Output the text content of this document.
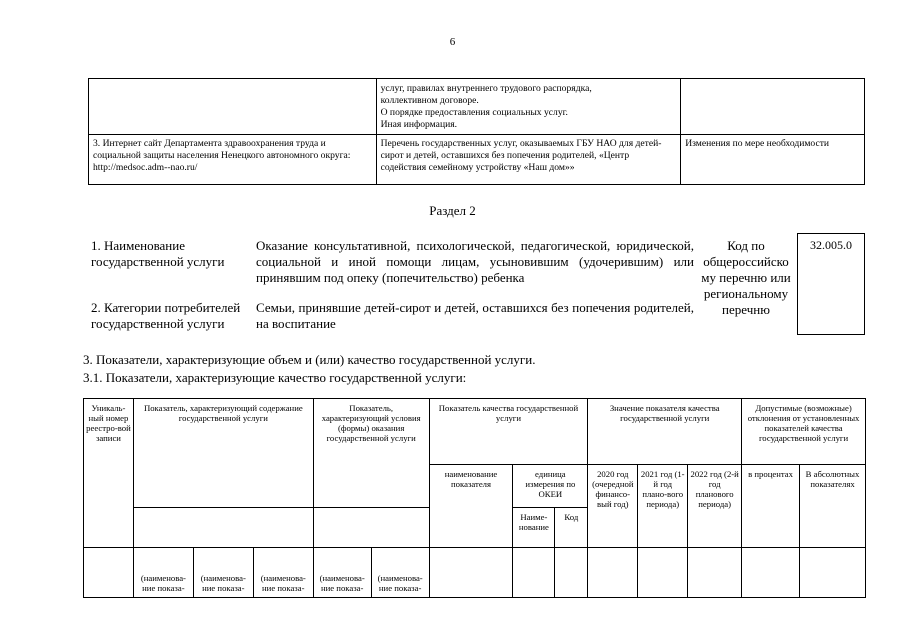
6

	услуг, правилах внутреннего трудового распорядка,
коллективном договоре.
О порядке предоставления социальных услуг.
Иная информация.	

3. Интернет сайт Департамента здравоохранения труда и социальной защиты населения Ненецкого автономного округа: http://medsoc.adm--nao.ru/	Перечень государственных услуг, оказываемых ГБУ НАО для детей-сирот и детей, оставшихся без попечения родителей, «Центр содействия семейному устройству «Наш дом»»	Изменения по мере необходимости
Раздел 2
1. Наименование
государственной услуги
Оказание консультативной, психологической, педагогической, юридической, социальной и иной помощи лицам, усыновившим (удочерившим) или принявшим под опеку (попечительство) ребенка
2. Категории потребителей
государственной услуги
Семьи, принявшие детей-сирот и детей, оставшихся без попечения родителей, на воспитание
Код по
общероссийско
му перечню или
региональному
перечню
32.005.0
3. Показатели, характеризующие объем и (или) качество государственной услуги.
3.1. Показатели, характеризующие качество государственной услуги:
Уникаль-ный номер реестро-вой записи	Показатель, характеризующий содержание государственной услуги			Показатель, характеризующий условия (формы) оказания государственной услуги		Показатель качества государственной услуги			Значение показателя качества государственной услуги			Допустимые (возможные) отклонения от установленных показателей качества государственной услуги	
						наименование показателя	единица измерения по ОКЕИ		2020 год (очередной финансо-вый год)	2021 год (1-й год плано-вого периода)	2022 год (2-й год планового периода)	в процентах	В абсолютных показателях
							Наиме-нование	Код					
	(наименова-ние показа-	(наименова-ние показа-	(наименова-ние показа-	(наименова-ние показа-	(наименова-ние показа-								
